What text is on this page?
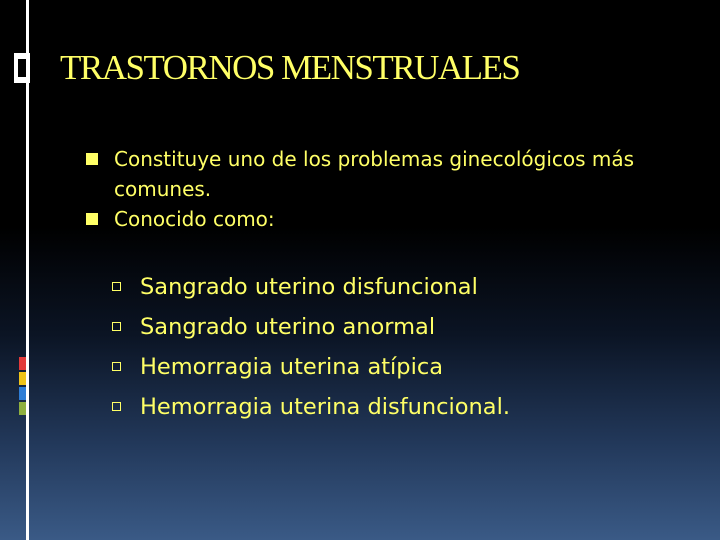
TRASTORNOS MENSTRUALES
Constituye uno de los problemas ginecológicos más comunes.
Conocido como:
Sangrado uterino disfuncional
Sangrado uterino anormal
Hemorragia uterina atípica
Hemorragia uterina disfuncional.
